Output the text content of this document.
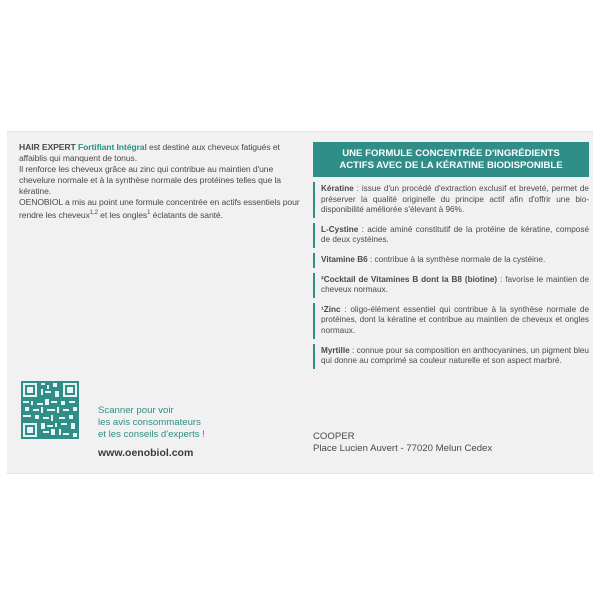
HAIR EXPERT Fortifiant Intégral est destiné aux cheveux fatigués et affaiblis qui manquent de tonus.

Il renforce les cheveux grâce au zinc qui contribue au maintien d'une chevelure normale et à la synthèse normale des protéines telles que la kératine.

OENOBIOL a mis au point une formule concentrée en actifs essentiels pour rendre les cheveux$^{1,2}$ et les ongles$^1$ éclatants de santé.

UNE FORMULE CONCENTRÉE D'INGRÉDIENTS
ACTIFS AVEC DE LA KÉRATINE BIODISPONIBLE
Kératine : issue d'un procédé d'extraction exclusif et breveté, permet de préserver la qualité originelle du principe actif afin d'offrir une bio-disponibilité améliorée s'élevant à 96%.
L-Cystine : acide aminé constitutif de la protéine de kératine, composé de deux cystéines.
Vitamine B6 : contribue à la synthèse normale de la cystéine.
²Cocktail de Vitamines B dont la B8 (biotine) : favorise le maintien de cheveux normaux.
¹Zinc : oligo-élément essentiel qui contribue à la synthèse normale de protéines, dont la kératine et contribue au maintien de cheveux et ongles normaux.
Myrtille : connue pour sa composition en anthocyanines, un pigment bleu qui donne au comprimé sa couleur naturelle et son aspect marbré.
Scanner pour voir
les avis consommateurs
et les conseils d'experts !
www.oenobiol.com
COOPER
Place Lucien Auvert - 77020 Melun Cedex
